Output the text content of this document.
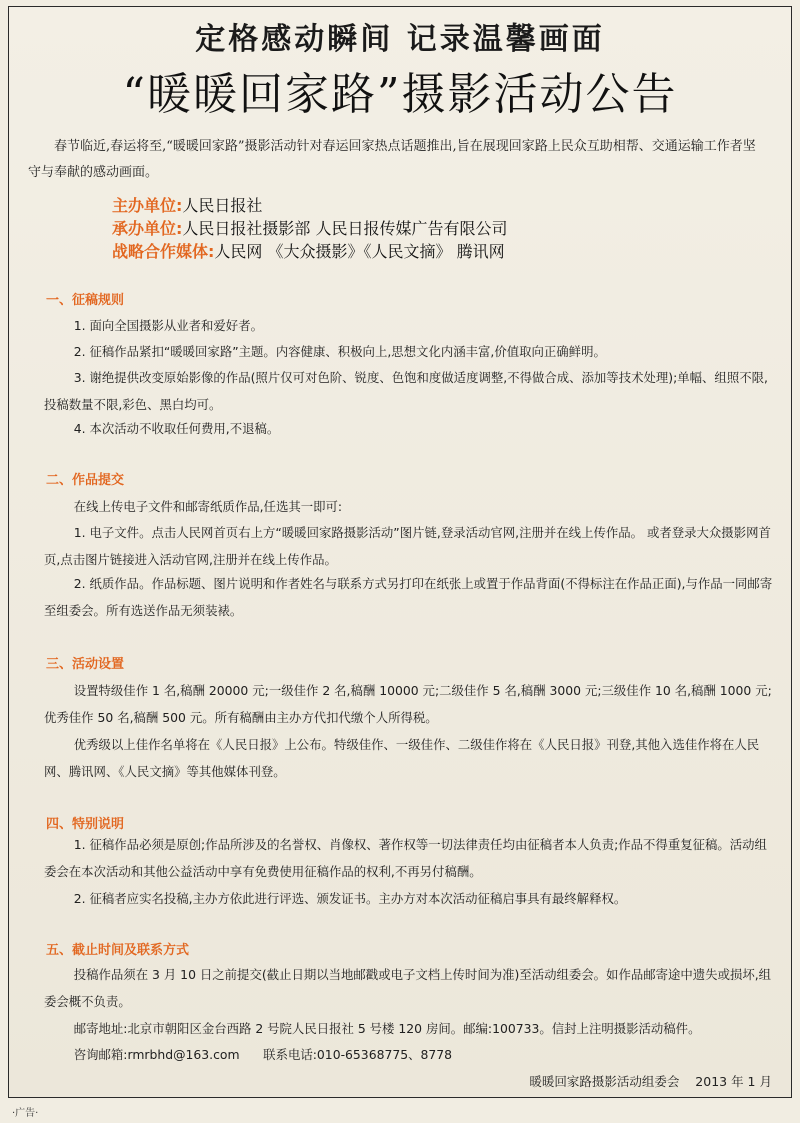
定格感动瞬间 记录温馨画面
“暖暖回家路”摄影活动公告
春节临近,春运将至,“暖暖回家路”摄影活动针对春运回家热点话题推出,旨在展现回家路上民众互助相帮、交通运输工作者坚守与奉献的感动画面。
主办单位:人民日报社
承办单位:人民日报社摄影部 人民日报传媒广告有限公司
战略合作媒体:人民网 《大众摄影》《人民文摘》 腾讯网
一、征稿规则
1. 面向全国摄影从业者和爱好者。
2. 征稿作品紧扣“暖暖回家路”主题。内容健康、积极向上,思想文化内涵丰富,价值取向正确鲜明。
3. 谢绝提供改变原始影像的作品(照片仅可对色阶、锐度、色饱和度做适度调整,不得做合成、添加等技术处理);单幅、组照不限,投稿数量不限,彩色、黑白均可。
4. 本次活动不收取任何费用,不退稿。
二、作品提交
在线上传电子文件和邮寄纸质作品,任选其一即可:
1. 电子文件。点击人民网首页右上方“暖暖回家路摄影活动”图片链,登录活动官网,注册并在线上传作品。 或者登录大众摄影网首页,点击图片链接进入活动官网,注册并在线上传作品。
2. 纸质作品。作品标题、图片说明和作者姓名与联系方式另打印在纸张上或置于作品背面(不得标注在作品正面),与作品一同邮寄至组委会。所有选送作品无须装裱。
三、活动设置
设置特级佳作 1 名,稿酬 20000 元;一级佳作 2 名,稿酬 10000 元;二级佳作 5 名,稿酬 3000 元;三级佳作 10 名,稿酬 1000 元;优秀佳作 50 名,稿酬 500 元。所有稿酬由主办方代扣代缴个人所得税。
优秀级以上佳作名单将在《人民日报》上公布。特级佳作、一级佳作、二级佳作将在《人民日报》刊登,其他入选佳作将在人民网、腾讯网、《人民文摘》等其他媒体刊登。
四、特别说明
1. 征稿作品必须是原创;作品所涉及的名誉权、肖像权、著作权等一切法律责任均由征稿者本人负责;作品不得重复征稿。活动组委会在本次活动和其他公益活动中享有免费使用征稿作品的权利,不再另付稿酬。
2. 征稿者应实名投稿,主办方依此进行评选、颁发证书。主办方对本次活动征稿启事具有最终解释权。
五、截止时间及联系方式
投稿作品须在 3 月 10 日之前提交(截止日期以当地邮戳或电子文档上传时间为准)至活动组委会。如作品邮寄途中遗失或损坏,组委会概不负责。
邮寄地址:北京市朝阳区金台西路 2 号院人民日报社 5 号楼 120 房间。邮编:100733。信封上注明摄影活动稿件。
咨询邮箱:rmrbhd@163.com      联系电话:010-65368775、8778
暖暖回家路摄影活动组委会    2013 年 1 月
·广告·
